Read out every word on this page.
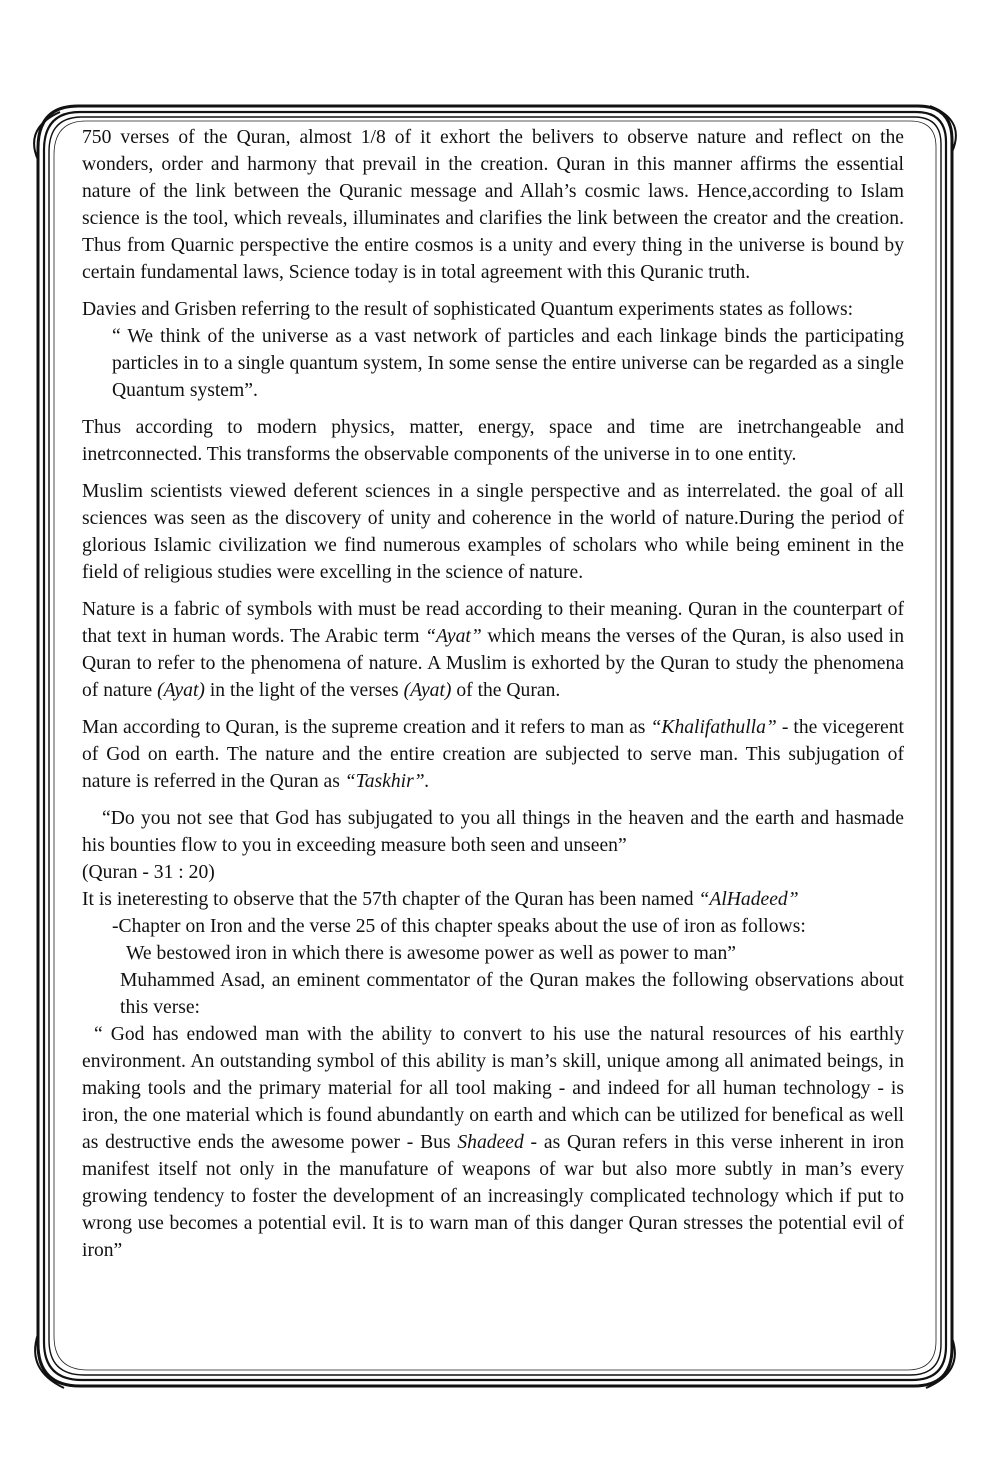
750 verses of the Quran, almost 1/8 of it exhort the belivers to observe nature and reflect on the wonders, order and harmony that prevail in the creation. Quran in this manner affirms the essential nature of the link between the Quranic message and Allah’s cosmic laws. Hence,according to Islam science is the tool, which reveals, illuminates and clarifies the link between the creator and the creation. Thus from Quarnic perspective the entire cosmos is a unity and every thing in the universe is bound by certain fundamental laws, Science today is in total agreement with this Quranic truth.

Davies and Grisben referring to the result of sophisticated Quantum experiments states as follows:

“ We think of the universe as a vast network of particles and each linkage binds the participating particles in to a single quantum system, In some sense the entire universe can be regarded as a single Quantum system”.

Thus according to modern physics, matter, energy, space and time are inetrchangeable and inetrconnected. This transforms the observable components of the universe in to one entity.

Muslim scientists viewed deferent sciences in a single perspective and as interrelated. the goal of all sciences was seen as the discovery of unity and coherence in the world of nature.During the period of glorious Islamic civilization we find numerous examples of scholars who while being eminent in the field of religious studies were excelling in the science of nature.

Nature is a fabric of symbols with must be read according to their meaning. Quran in the counterpart of that text in human words. The Arabic term “Ayat” which means the verses of the Quran, is also used in Quran to refer to the phenomena of nature. A Muslim is exhorted by the Quran to study the phenomena of nature (Ayat) in the light of the verses (Ayat) of the Quran.

Man according to Quran, is the supreme creation and it refers to man as “Khalifathulla” - the vicegerent of God on earth. The nature and the entire creation are subjected to serve man. This subjugation of nature is referred in the Quran as “Taskhir”.

“Do you not see that God has subjugated to you all things in the heaven and the earth and hasmade his bounties flow to you in exceeding measure both seen and unseen”

(Quran - 31 : 20)

It is ineteresting to observe that the 57th chapter of the Quran has been named “AlHadeed”

-Chapter on Iron and the verse 25 of this chapter speaks about the use of iron as follows:

We bestowed iron in which there is awesome power as well as power to man”

Muhammed Asad, an eminent commentator of the Quran makes the following observations about this verse:

“ God has endowed man with the ability to convert to his use the natural resources of his earthly environment. An outstanding symbol of this ability is man’s skill, unique among all animated beings, in making tools and the primary material for all tool making - and indeed for all human technology - is iron, the one material which is found abundantly on earth and which can be utilized for benefical as well as destructive ends the awesome power - Bus Shadeed - as Quran refers in this verse inherent in iron manifest itself not only in the manufature of weapons of war but also more subtly in man’s every growing tendency to foster the development of an increasingly complicated technology which if put to wrong use becomes a potential evil. It is to warn man of this danger Quran stresses the potential evil of iron”
